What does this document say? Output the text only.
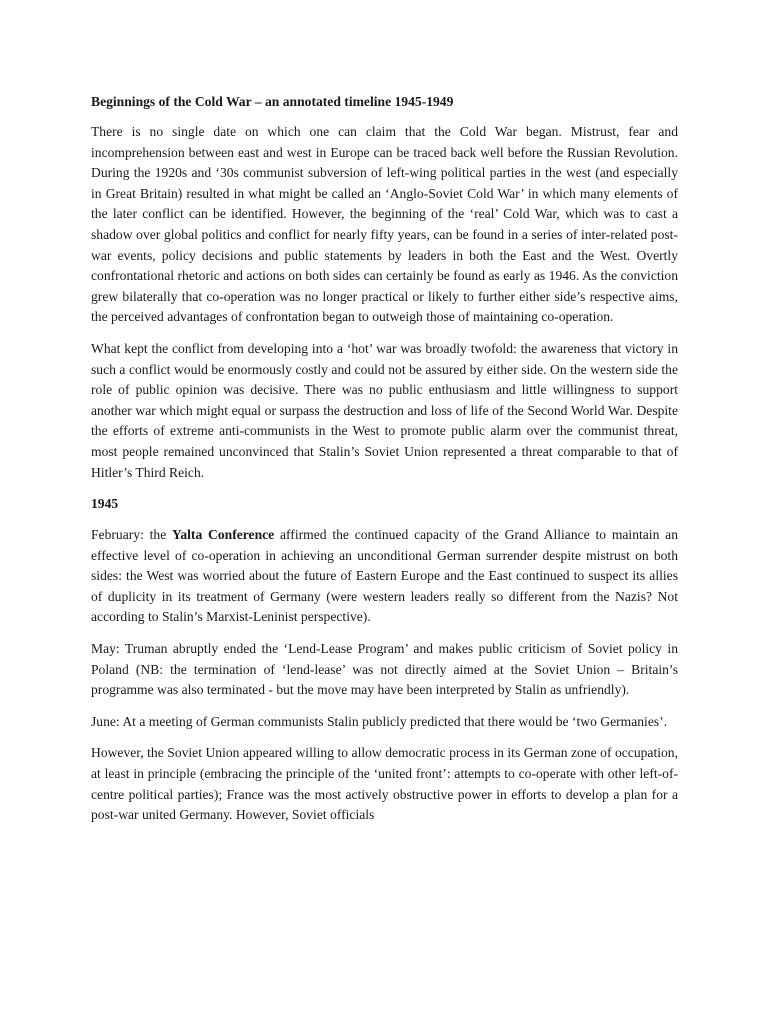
Beginnings of the Cold War – an annotated timeline 1945-1949

There is no single date on which one can claim that the Cold War began. Mistrust, fear and incomprehension between east and west in Europe can be traced back well before the Russian Revolution. During the 1920s and ‘30s communist subversion of left-wing political parties in the west (and especially in Great Britain) resulted in what might be called an ‘Anglo-Soviet Cold War’ in which many elements of the later conflict can be identified. However, the beginning of the ‘real’ Cold War, which was to cast a shadow over global politics and conflict for nearly fifty years, can be found in a series of inter-related post-war events, policy decisions and public statements by leaders in both the East and the West. Overtly confrontational rhetoric and actions on both sides can certainly be found as early as 1946. As the conviction grew bilaterally that co-operation was no longer practical or likely to further either side’s respective aims, the perceived advantages of confrontation began to outweigh those of maintaining co-operation.

What kept the conflict from developing into a ‘hot’ war was broadly twofold: the awareness that victory in such a conflict would be enormously costly and could not be assured by either side. On the western side the role of public opinion was decisive. There was no public enthusiasm and little willingness to support another war which might equal or surpass the destruction and loss of life of the Second World War. Despite the efforts of extreme anti-communists in the West to promote public alarm over the communist threat, most people remained unconvinced that Stalin’s Soviet Union represented a threat comparable to that of Hitler’s Third Reich.

1945

February: the Yalta Conference affirmed the continued capacity of the Grand Alliance to maintain an effective level of co-operation in achieving an unconditional German surrender despite mistrust on both sides: the West was worried about the future of Eastern Europe and the East continued to suspect its allies of duplicity in its treatment of Germany (were western leaders really so different from the Nazis? Not according to Stalin’s Marxist-Leninist perspective).

May: Truman abruptly ended the ‘Lend-Lease Program’ and makes public criticism of Soviet policy in Poland (NB: the termination of ‘lend-lease’ was not directly aimed at the Soviet Union – Britain’s programme was also terminated - but the move may have been interpreted by Stalin as unfriendly).

June: At a meeting of German communists Stalin publicly predicted that there would be ‘two Germanies’.

However, the Soviet Union appeared willing to allow democratic process in its German zone of occupation, at least in principle (embracing the principle of the ‘united front’: attempts to co-operate with other left-of-centre political parties); France was the most actively obstructive power in efforts to develop a plan for a post-war united Germany. However, Soviet officials
